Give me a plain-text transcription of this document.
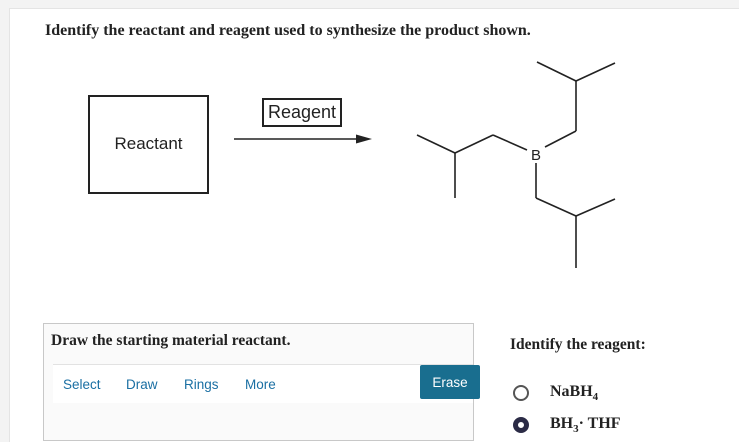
Identify the reactant and reagent used to synthesize the product shown.
Reactant
Reagent
B
Draw the starting material reactant.
Select Draw Rings More	Erase
Identify the reagent:
NaBH$_4$
$BH_3\cdot$ THF
